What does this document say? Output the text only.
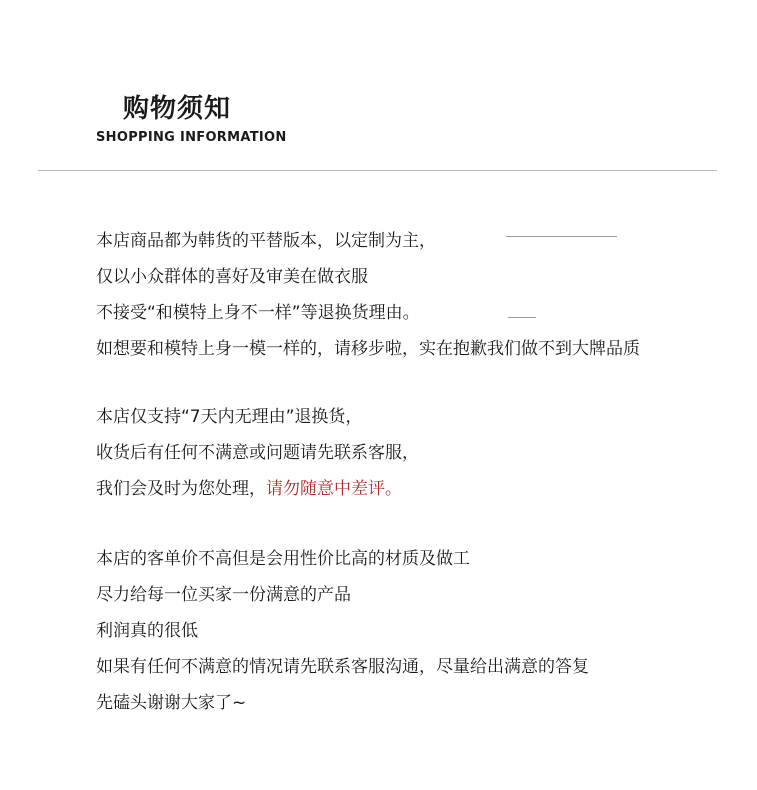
购物须知
SHOPPING INFORMATION
本店商品都为韩货的平替版本，以定制为主，
仅以小众群体的喜好及审美在做衣服
不接受“和模特上身不一样”等退换货理由。
如想要和模特上身一模一样的，请移步啦，实在抱歉我们做不到大牌品质
本店仅支持“7天内无理由”退换货，
收货后有任何不满意或问题请先联系客服，
我们会及时为您处理，请勿随意中差评。
本店的客单价不高但是会用性价比高的材质及做工
尽力给每一位买家一份满意的产品
利润真的很低
如果有任何不满意的情况请先联系客服沟通，尽量给出满意的答复
先磕头谢谢大家了~
